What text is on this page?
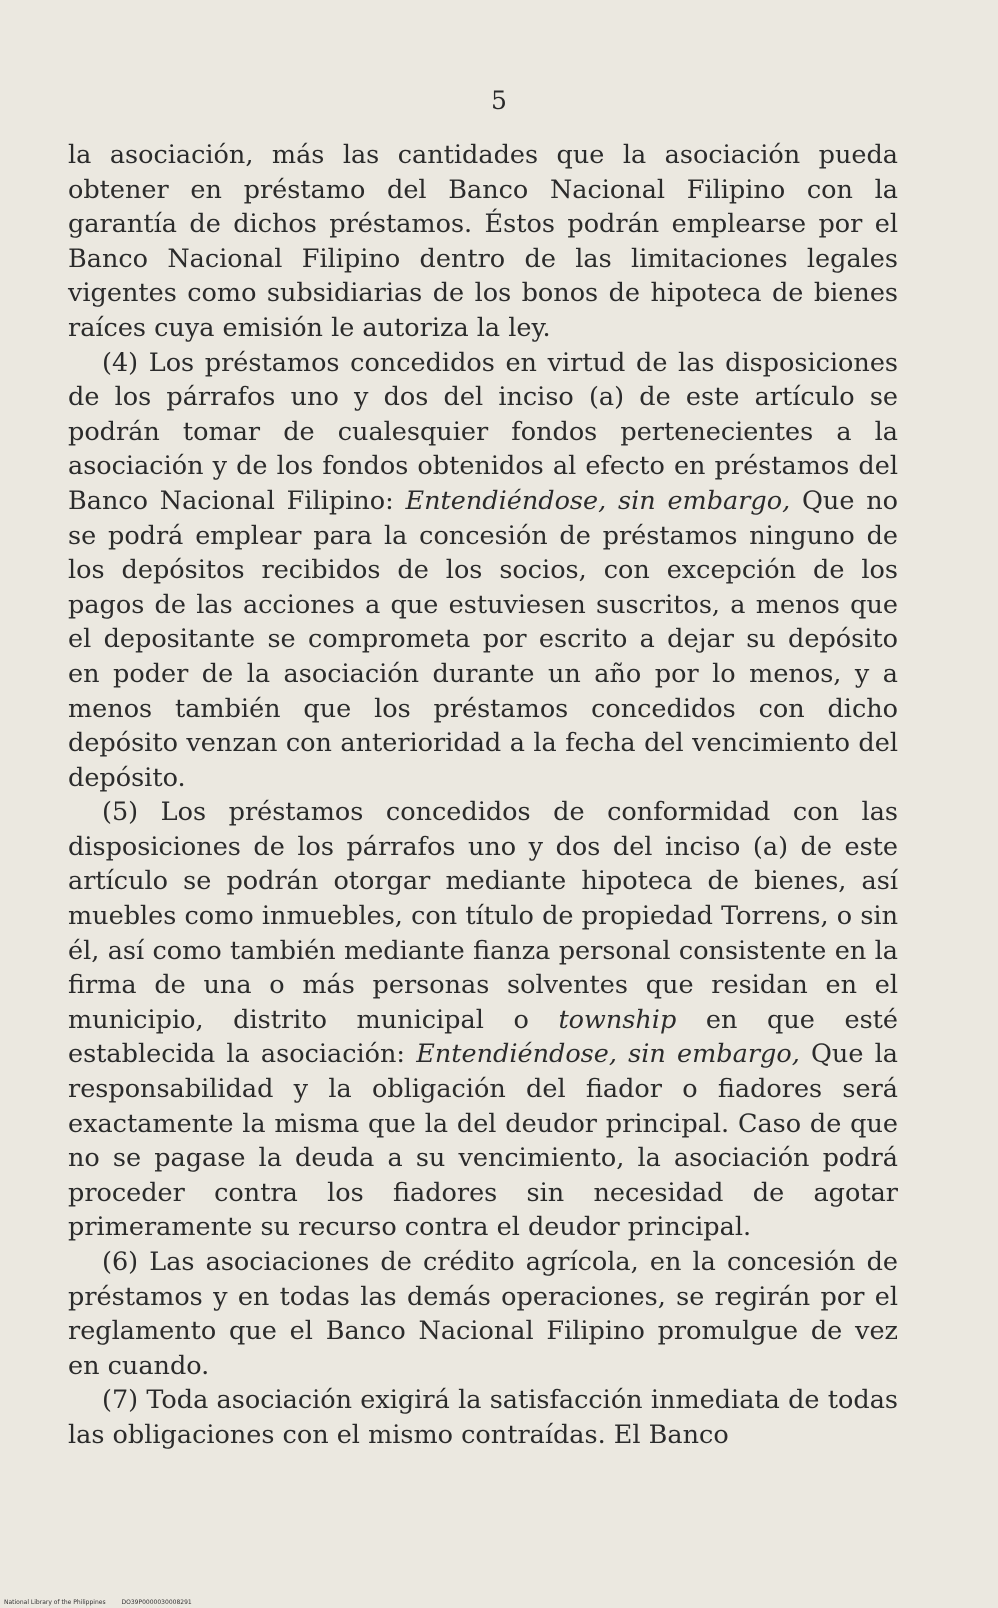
5

la asociación, más las cantidades que la asociación pueda obtener en préstamo del Banco Nacional Filipino con la garantía de dichos préstamos. Éstos podrán emplearse por el Banco Nacional Filipino dentro de las limitaciones legales vigentes como subsidiarias de los bonos de hipoteca de bienes raíces cuya emisión le autoriza la ley.

(4) Los préstamos concedidos en virtud de las disposiciones de los párrafos uno y dos del inciso (a) de este artículo se podrán tomar de cualesquier fondos pertenecientes a la asociación y de los fondos obtenidos al efecto en préstamos del Banco Nacional Filipino: Entendiéndose, sin embargo, Que no se podrá emplear para la concesión de préstamos ninguno de los depósitos recibidos de los socios, con excepción de los pagos de las acciones a que estuviesen suscritos, a menos que el depositante se comprometa por escrito a dejar su depósito en poder de la asociación durante un año por lo menos, y a menos también que los préstamos concedidos con dicho depósito venzan con anterioridad a la fecha del vencimiento del depósito.

(5) Los préstamos concedidos de conformidad con las disposiciones de los párrafos uno y dos del inciso (a) de este artículo se podrán otorgar mediante hipoteca de bienes, así muebles como inmuebles, con título de propiedad Torrens, o sin él, así como también mediante fianza personal consistente en la firma de una o más personas solventes que residan en el municipio, distrito municipal o township en que esté establecida la asociación: Entendiéndose, sin embargo, Que la responsabilidad y la obligación del fiador o fiadores será exactamente la misma que la del deudor principal. Caso de que no se pagase la deuda a su vencimiento, la asociación podrá proceder contra los fiadores sin necesidad de agotar primeramente su recurso contra el deudor principal.

(6) Las asociaciones de crédito agrícola, en la concesión de préstamos y en todas las demás operaciones, se regirán por el reglamento que el Banco Nacional Filipino promulgue de vez en cuando.

(7) Toda asociación exigirá la satisfacción inmediata de todas las obligaciones con el mismo contraídas. El Banco

National Library of the Philippines	DO39P0000030008291
